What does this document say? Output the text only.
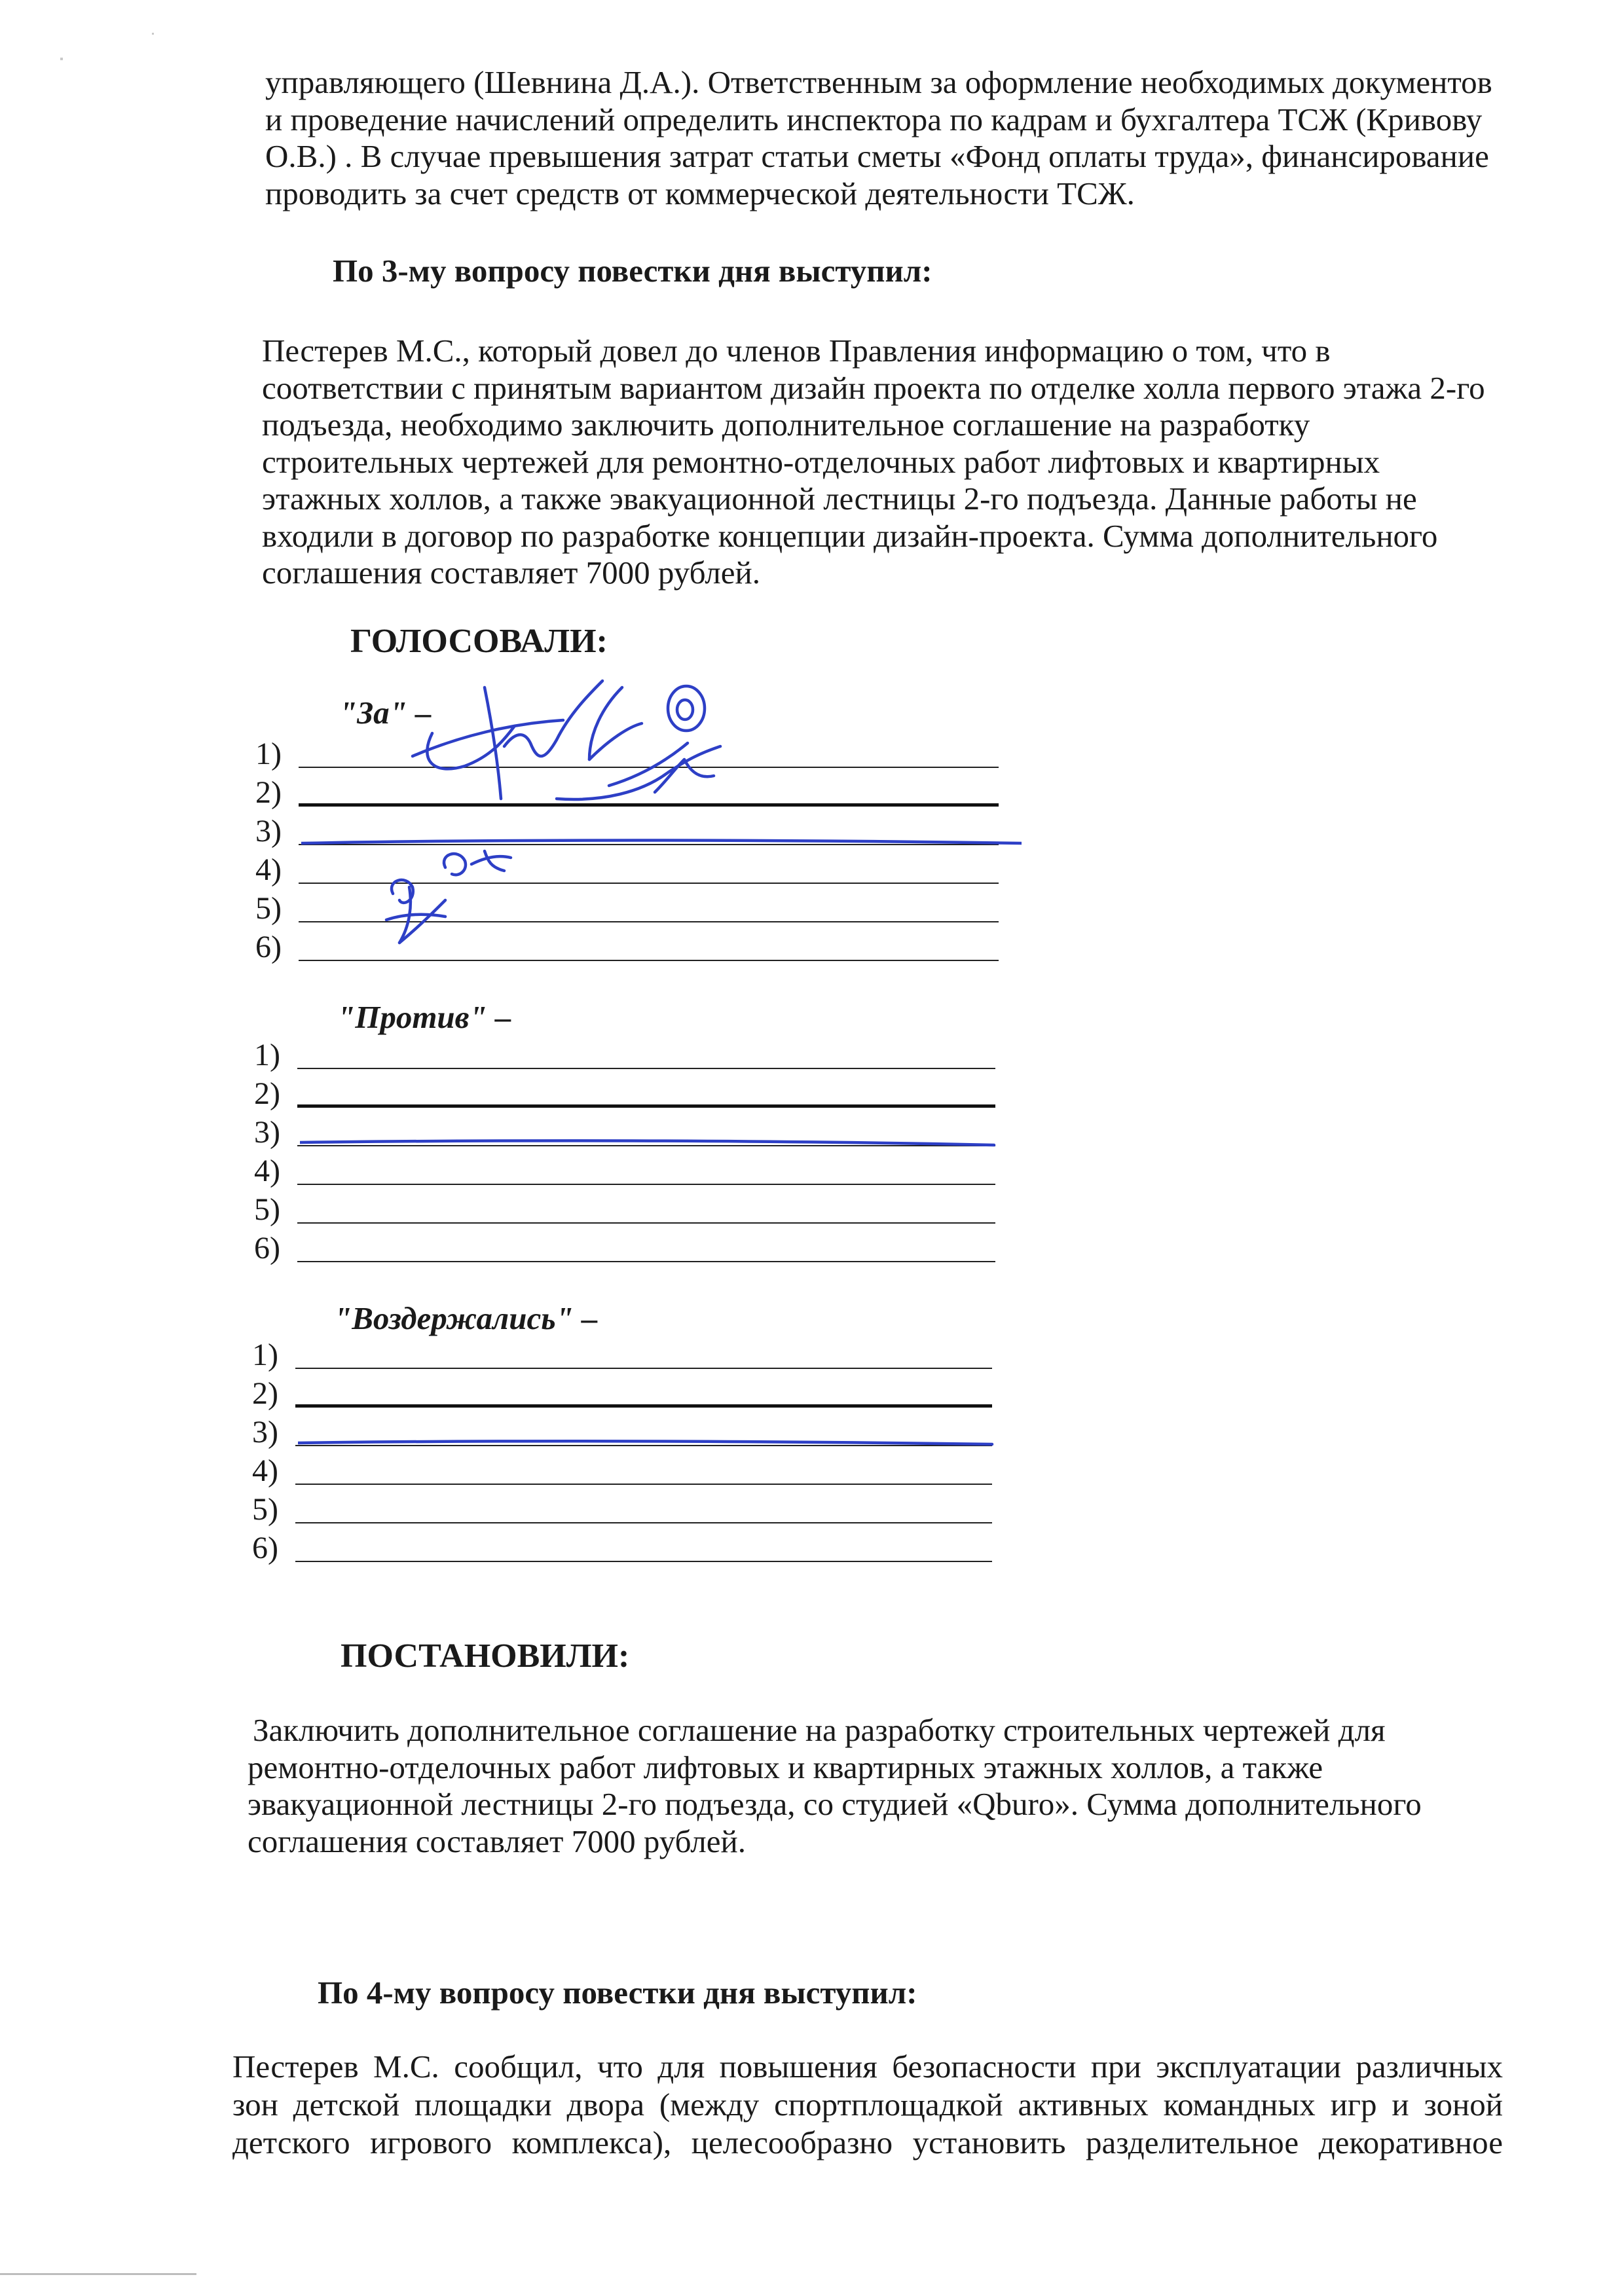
управляющего (Шевнина Д.А.). Ответственным за оформление необходимых документов
и проведение начислений определить инспектора по кадрам и бухгалтера ТСЖ (Кривову
О.В.) . В случае превышения затрат статьи сметы «Фонд оплаты труда», финансирование
проводить за счет средств от коммерческой деятельности ТСЖ.
По 3-му вопросу повестки дня выступил:
Пестерев М.С., который довел до членов Правления информацию о том, что в
соответствии с принятым вариантом дизайн проекта по отделке холла первого этажа 2-го
подъезда, необходимо заключить дополнительное соглашение на разработку
строительных чертежей для ремонтно-отделочных работ лифтовых и квартирных
этажных холлов, а также эвакуационной лестницы 2-го подъезда. Данные работы не
входили в договор по разработке концепции дизайн-проекта. Сумма дополнительного
соглашения составляет 7000 рублей.
ГОЛОСОВАЛИ:
"За" –
1)
2)
3)
4)
5)
6)
"Против" –
1)
2)
3)
4)
5)
6)
"Воздержались" –
1)
2)
3)
4)
5)
6)
ПОСТАНОВИЛИ:
Заключить дополнительное соглашение на разработку строительных чертежей для
ремонтно-отделочных работ лифтовых и квартирных этажных холлов, а также
эвакуационной лестницы 2-го подъезда, со студией «Qburo». Сумма дополнительного
соглашения составляет 7000 рублей.
По 4-му вопросу повестки дня выступил:
Пестерев М.С. сообщил, что для повышения безопасности при эксплуатации различных
зон детской площадки двора (между спортплощадкой активных командных игр и зоной
детского игрового комплекса), целесообразно установить разделительное декоративное
